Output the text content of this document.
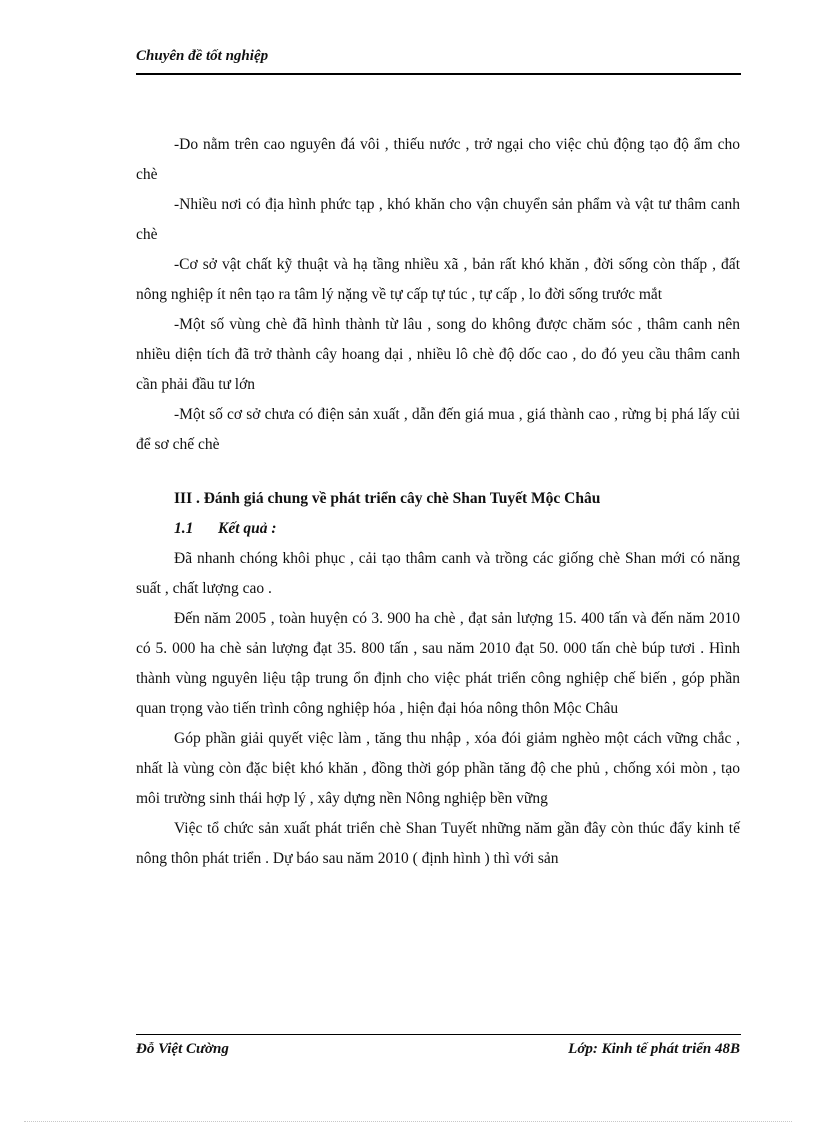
Chuyên đề tốt nghiệp

-Do nằm trên cao nguyên đá vôi , thiếu nước , trở ngại cho việc chủ động tạo độ ẩm cho chè

-Nhiều nơi có địa hình phức tạp , khó khăn cho vận chuyển sản phẩm và vật tư thâm canh chè

-Cơ sở vật chất kỹ thuật và hạ tầng nhiều xã , bản rất khó khăn , đời sống còn thấp , đất nông nghiệp ít nên tạo ra tâm lý nặng về tự cấp tự túc , tự cấp , lo đời sống trước mắt

-Một số vùng chè đã hình thành từ lâu , song do không được chăm sóc , thâm canh nên nhiều diện tích đã trở thành cây hoang dại , nhiều lô chè độ dốc cao , do đó yeu cầu thâm canh cần phải đầu tư lớn

-Một số cơ sở chưa có điện sản xuất , dẫn đến giá mua , giá thành cao , rừng bị phá lấy củi để sơ chế chè

III . Đánh giá chung về phát triển cây chè Shan Tuyết Mộc Châu

1.1 Kết quả :

Đã nhanh chóng khôi phục , cải tạo thâm canh và trồng các giống chè Shan mới có năng suất , chất lượng cao .

Đến năm 2005 , toàn huyện có 3. 900 ha chè , đạt sản lượng 15. 400 tấn và đến năm 2010 có 5. 000 ha chè sản lượng đạt 35. 800 tấn , sau năm 2010 đạt 50. 000 tấn chè búp tươi . Hình thành vùng nguyên liệu tập trung ổn định cho việc phát triển công nghiệp chế biến , góp phần quan trọng vào tiến trình công nghiệp hóa , hiện đại hóa nông thôn Mộc Châu

Góp phần giải quyết việc làm , tăng thu nhập , xóa đói giảm nghèo một cách vững chắc , nhất là vùng còn đặc biệt khó khăn , đồng thời góp phần tăng độ che phủ , chống xói mòn , tạo môi trường sinh thái hợp lý , xây dựng nền Nông nghiệp bền vững

Việc tổ chức sản xuất phát triển chè Shan Tuyết những năm gần đây còn thúc đẩy kinh tế nông thôn phát triển . Dự báo sau năm 2010 ( định hình ) thì với sản

Đỗ Việt Cường	Lớp: Kinh tế phát triển 48B
